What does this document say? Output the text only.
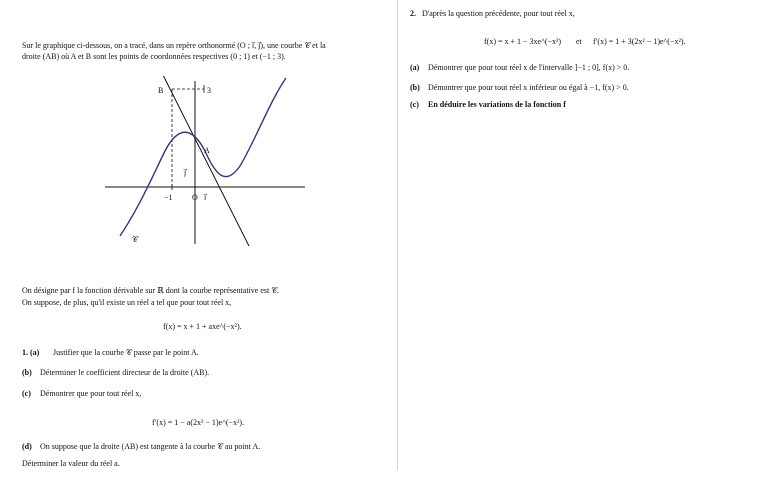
Sur le graphique ci-dessous, on a tracé, dans un repère orthonormé (O ; ı⃗, ȷ⃗), une courbe 𝒞 et la
droite (AB) où A et B sont les points de coordonnées respectives (0 ; 1) et (−1 ; 3).
B	3
A
ȷ⃗
−1 O ı⃗
𝒞
On désigne par f la fonction dérivable sur ℝ dont la courbe représentative est 𝒞.
On suppose, de plus, qu'il existe un réel a tel que pour tout réel x,
f(x) = x + 1 + axe^(−x²).
1. (a) Justifier que la courbe 𝒞 passe par le point A.
(b) Déterminer le coefficient directeur de la droite (AB).
(c) Démontrer que pour tout réel x,
f′(x) = 1 − a(2x² − 1)e^(−x²).
(d) On suppose que la droite (AB) est tangente à la courbe 𝒞 au point A.
Déterminer la valeur du réel a.
2. D'après la question précédente, pour tout réel x,
f(x) = x + 1 − 3xe^(−x²) et f′(x) = 1 + 3(2x² − 1)e^(−x²).
(a) Démontrer que pour tout réel x de l'intervalle ]−1 ; 0], f(x) > 0.
(b) Démontrer que pour tout réel x inférieur ou égal à −1, f(x) > 0.
(c) En déduire les variations de la fonction f
